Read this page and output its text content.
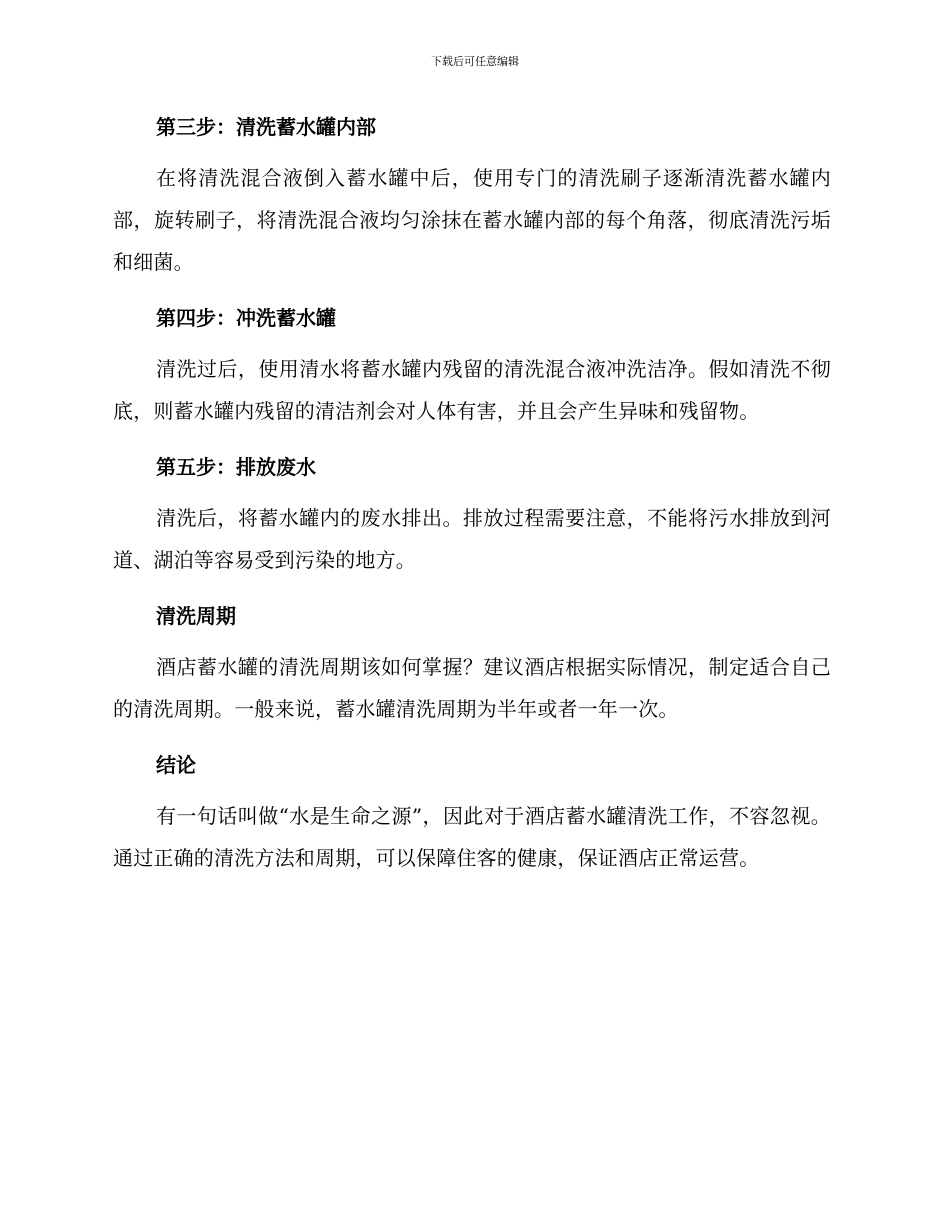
下载后可任意编辑
第三步：清洗蓄水罐内部

在将清洗混合液倒入蓄水罐中后，使用专门的清洗刷子逐渐清洗蓄水罐内部，旋转刷子，将清洗混合液均匀涂抹在蓄水罐内部的每个角落，彻底清洗污垢和细菌。

第四步：冲洗蓄水罐

清洗过后，使用清水将蓄水罐内残留的清洗混合液冲洗洁净。假如清洗不彻底，则蓄水罐内残留的清洁剂会对人体有害，并且会产生异味和残留物。

第五步：排放废水

清洗后，将蓄水罐内的废水排出。排放过程需要注意，不能将污水排放到河道、湖泊等容易受到污染的地方。

清洗周期

酒店蓄水罐的清洗周期该如何掌握？建议酒店根据实际情况，制定适合自己的清洗周期。一般来说，蓄水罐清洗周期为半年或者一年一次。

结论

有一句话叫做“水是生命之源”，因此对于酒店蓄水罐清洗工作，不容忽视。通过正确的清洗方法和周期，可以保障住客的健康，保证酒店正常运营。
